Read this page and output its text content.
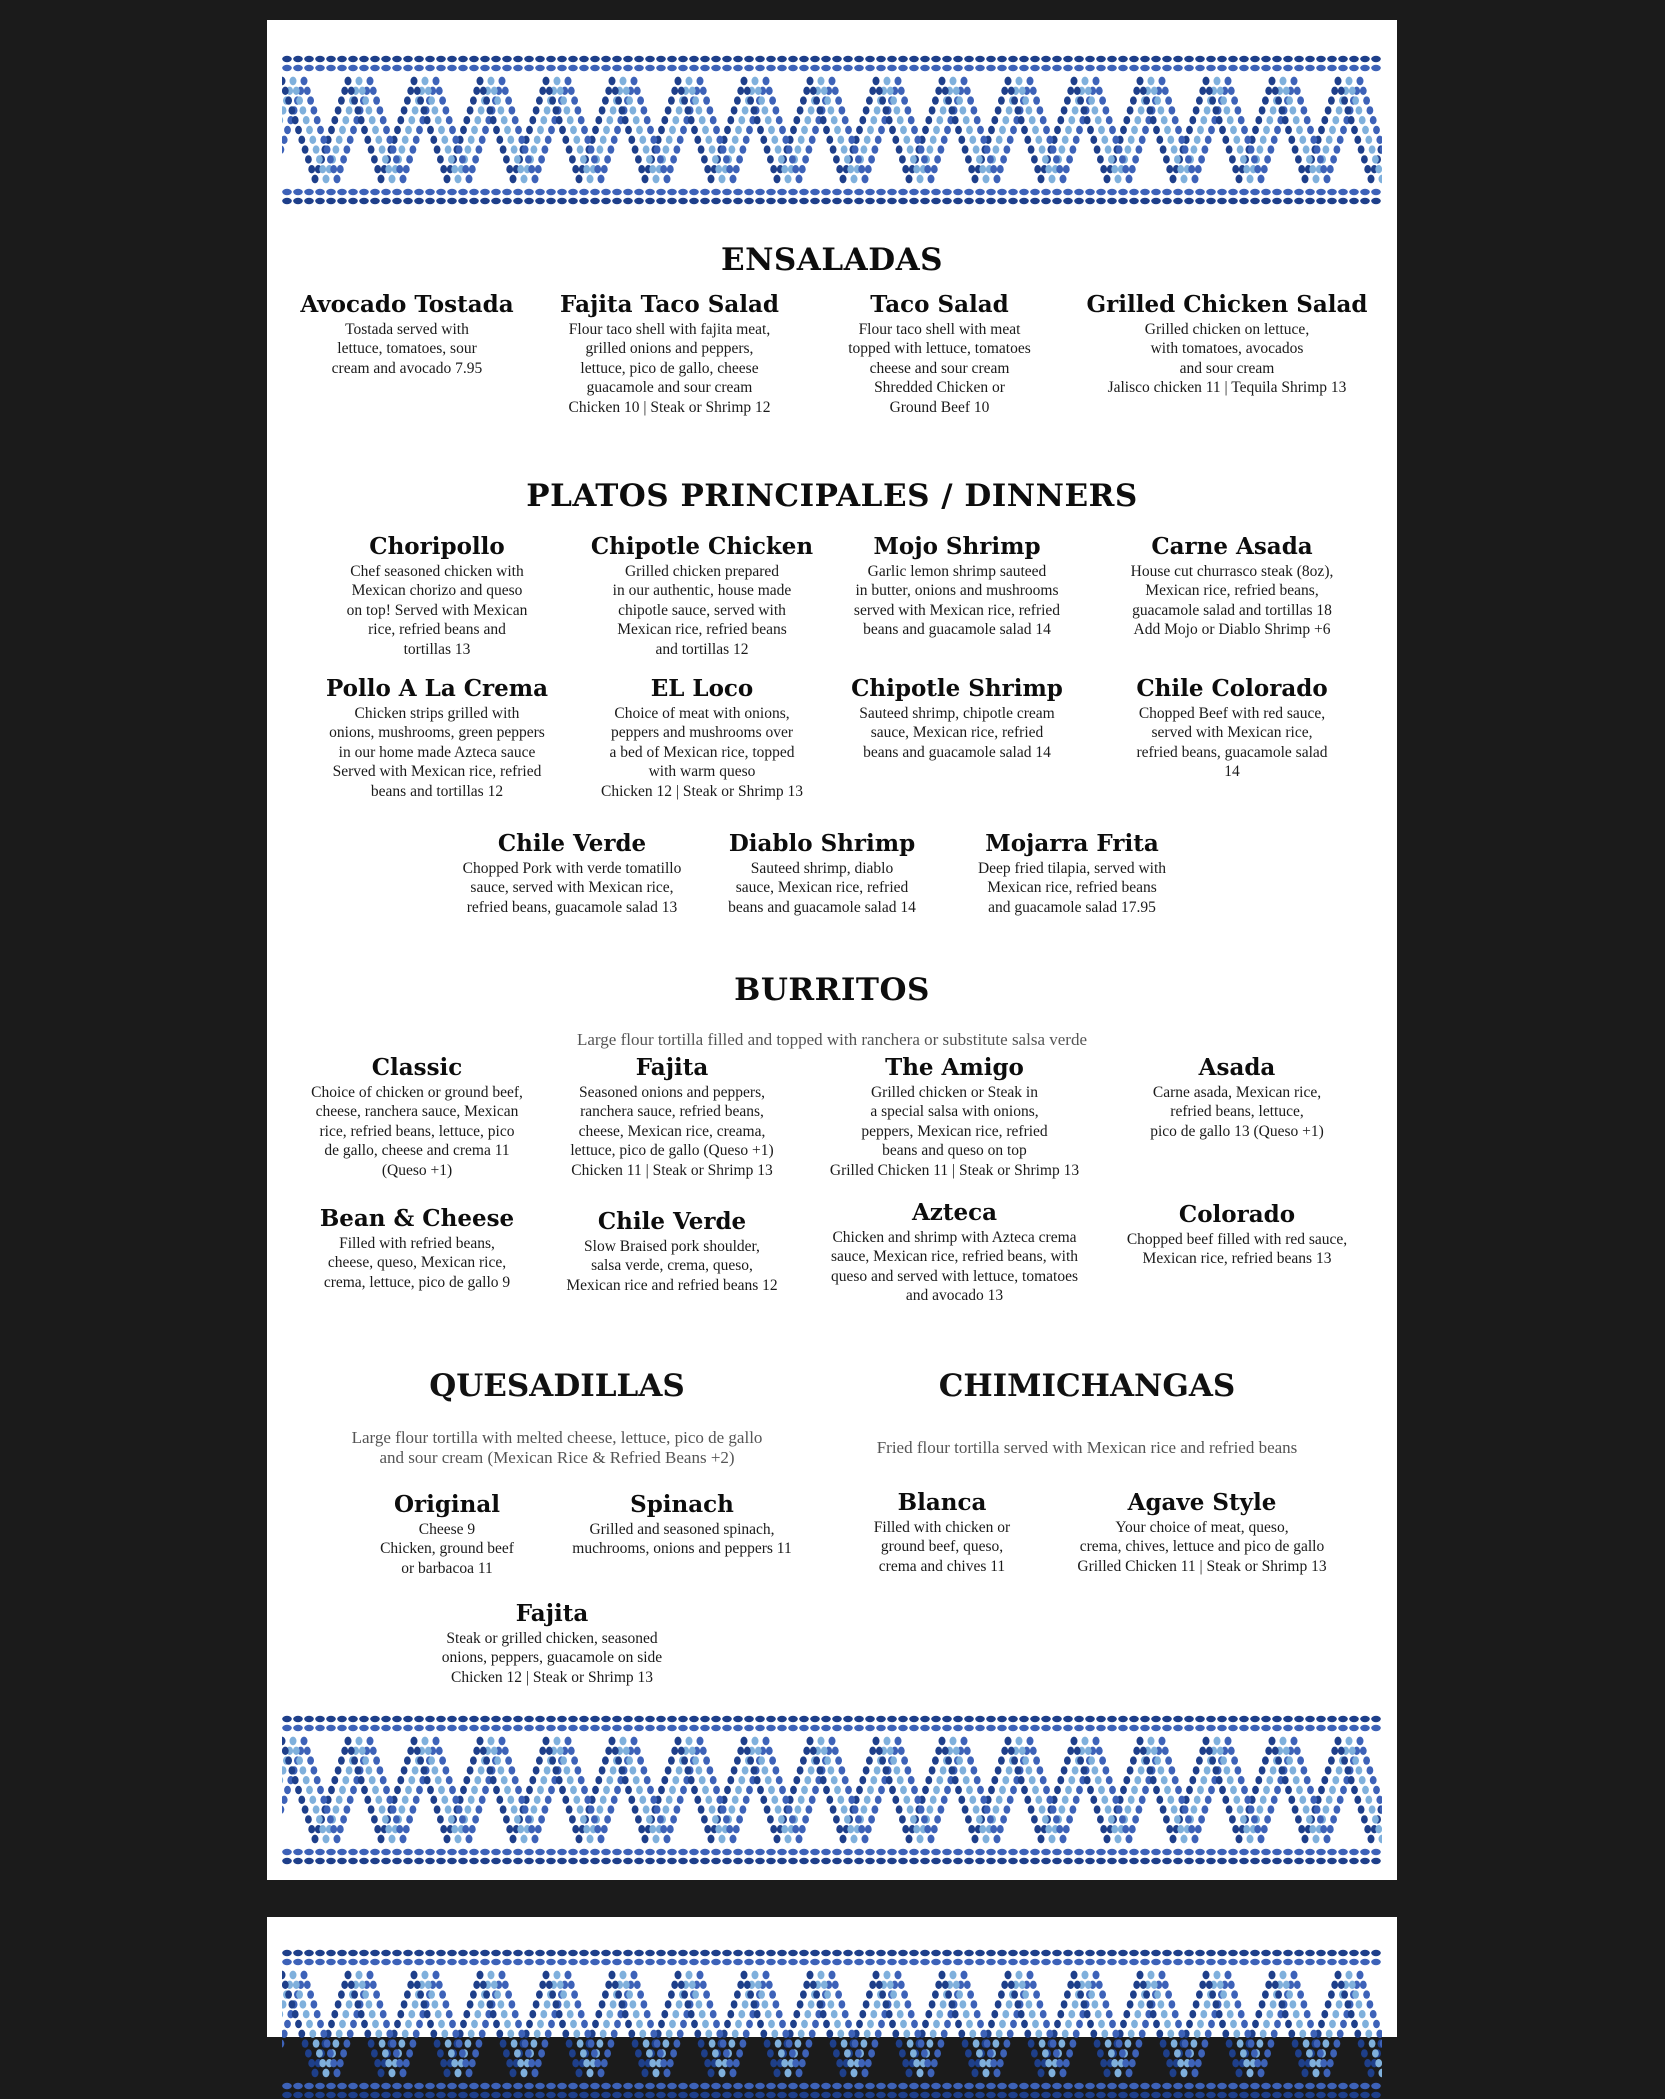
ENSALADAS
Avocado Tostada
Tostada served with
lettuce, tomatoes, sour
cream and avocado 7.95
Fajita Taco Salad
Flour taco shell with fajita meat,
grilled onions and peppers,
lettuce, pico de gallo, cheese
guacamole and sour cream
Chicken 10 | Steak or Shrimp 12
Taco Salad
Flour taco shell with meat
topped with lettuce, tomatoes
cheese and sour cream
Shredded Chicken or
Ground Beef 10
Grilled Chicken Salad
Grilled chicken on lettuce,
with tomatoes, avocados
and sour cream
Jalisco chicken 11 | Tequila Shrimp 13
PLATOS PRINCIPALES / DINNERS
Choripollo
Chef seasoned chicken with
Mexican chorizo and queso
on top! Served with Mexican
rice, refried beans and
tortillas 13
Chipotle Chicken
Grilled chicken prepared
in our authentic, house made
chipotle sauce, served with
Mexican rice, refried beans
and tortillas 12
Mojo Shrimp
Garlic lemon shrimp sauteed
in butter, onions and mushrooms
served with Mexican rice, refried
beans and guacamole salad 14
Carne Asada
House cut churrasco steak (8oz),
Mexican rice, refried beans,
guacamole salad and tortillas 18
Add Mojo or Diablo Shrimp +6
Pollo A La Crema
Chicken strips grilled with
onions, mushrooms, green peppers
in our home made Azteca sauce
Served with Mexican rice, refried
beans and tortillas 12
EL Loco
Choice of meat with onions,
peppers and mushrooms over
a bed of Mexican rice, topped
with warm queso
Chicken 12 | Steak or Shrimp 13
Chipotle Shrimp
Sauteed shrimp, chipotle cream
sauce, Mexican rice, refried
beans and guacamole salad 14
Chile Colorado
Chopped Beef with red sauce,
served with Mexican rice,
refried beans, guacamole salad
14
Chile Verde
Chopped Pork with verde tomatillo
sauce, served with Mexican rice,
refried beans, guacamole salad 13
Diablo Shrimp
Sauteed shrimp, diablo
sauce, Mexican rice, refried
beans and guacamole salad 14
Mojarra Frita
Deep fried tilapia, served with
Mexican rice, refried beans
and guacamole salad 17.95
BURRITOS
Large flour tortilla filled and topped with ranchera or substitute salsa verde
Classic
Choice of chicken or ground beef,
cheese, ranchera sauce, Mexican
rice, refried beans, lettuce, pico
de gallo, cheese and crema 11
(Queso +1)
Fajita
Seasoned onions and peppers,
ranchera sauce, refried beans,
cheese, Mexican rice, creama,
lettuce, pico de gallo (Queso +1)
Chicken 11 | Steak or Shrimp 13
The Amigo
Grilled chicken or Steak in
a special salsa with onions,
peppers, Mexican rice, refried
beans and queso on top
Grilled Chicken 11 | Steak or Shrimp 13
Asada
Carne asada, Mexican rice,
refried beans, lettuce,
pico de gallo 13 (Queso +1)
Bean & Cheese
Filled with refried beans,
cheese, queso, Mexican rice,
crema, lettuce, pico de gallo 9
Chile Verde
Slow Braised pork shoulder,
salsa verde, crema, queso,
Mexican rice and refried beans 12
Azteca
Chicken and shrimp with Azteca crema
sauce, Mexican rice, refried beans, with
queso and served with lettuce, tomatoes
and avocado 13
Colorado
Chopped beef filled with red sauce,
Mexican rice, refried beans 13
QUESADILLAS
Large flour tortilla with melted cheese, lettuce, pico de gallo
and sour cream (Mexican Rice & Refried Beans +2)
Original
Cheese 9
Chicken, ground beef
or barbacoa 11
Spinach
Grilled and seasoned spinach,
muchrooms, onions and peppers 11
Fajita
Steak or grilled chicken, seasoned
onions, peppers, guacamole on side
Chicken 12 | Steak or Shrimp 13
CHIMICHANGAS
Fried flour tortilla served with Mexican rice and refried beans
Blanca
Filled with chicken or
ground beef, queso,
crema and chives 11
Agave Style
Your choice of meat, queso,
crema, chives, lettuce and pico de gallo
Grilled Chicken 11 | Steak or Shrimp 13
